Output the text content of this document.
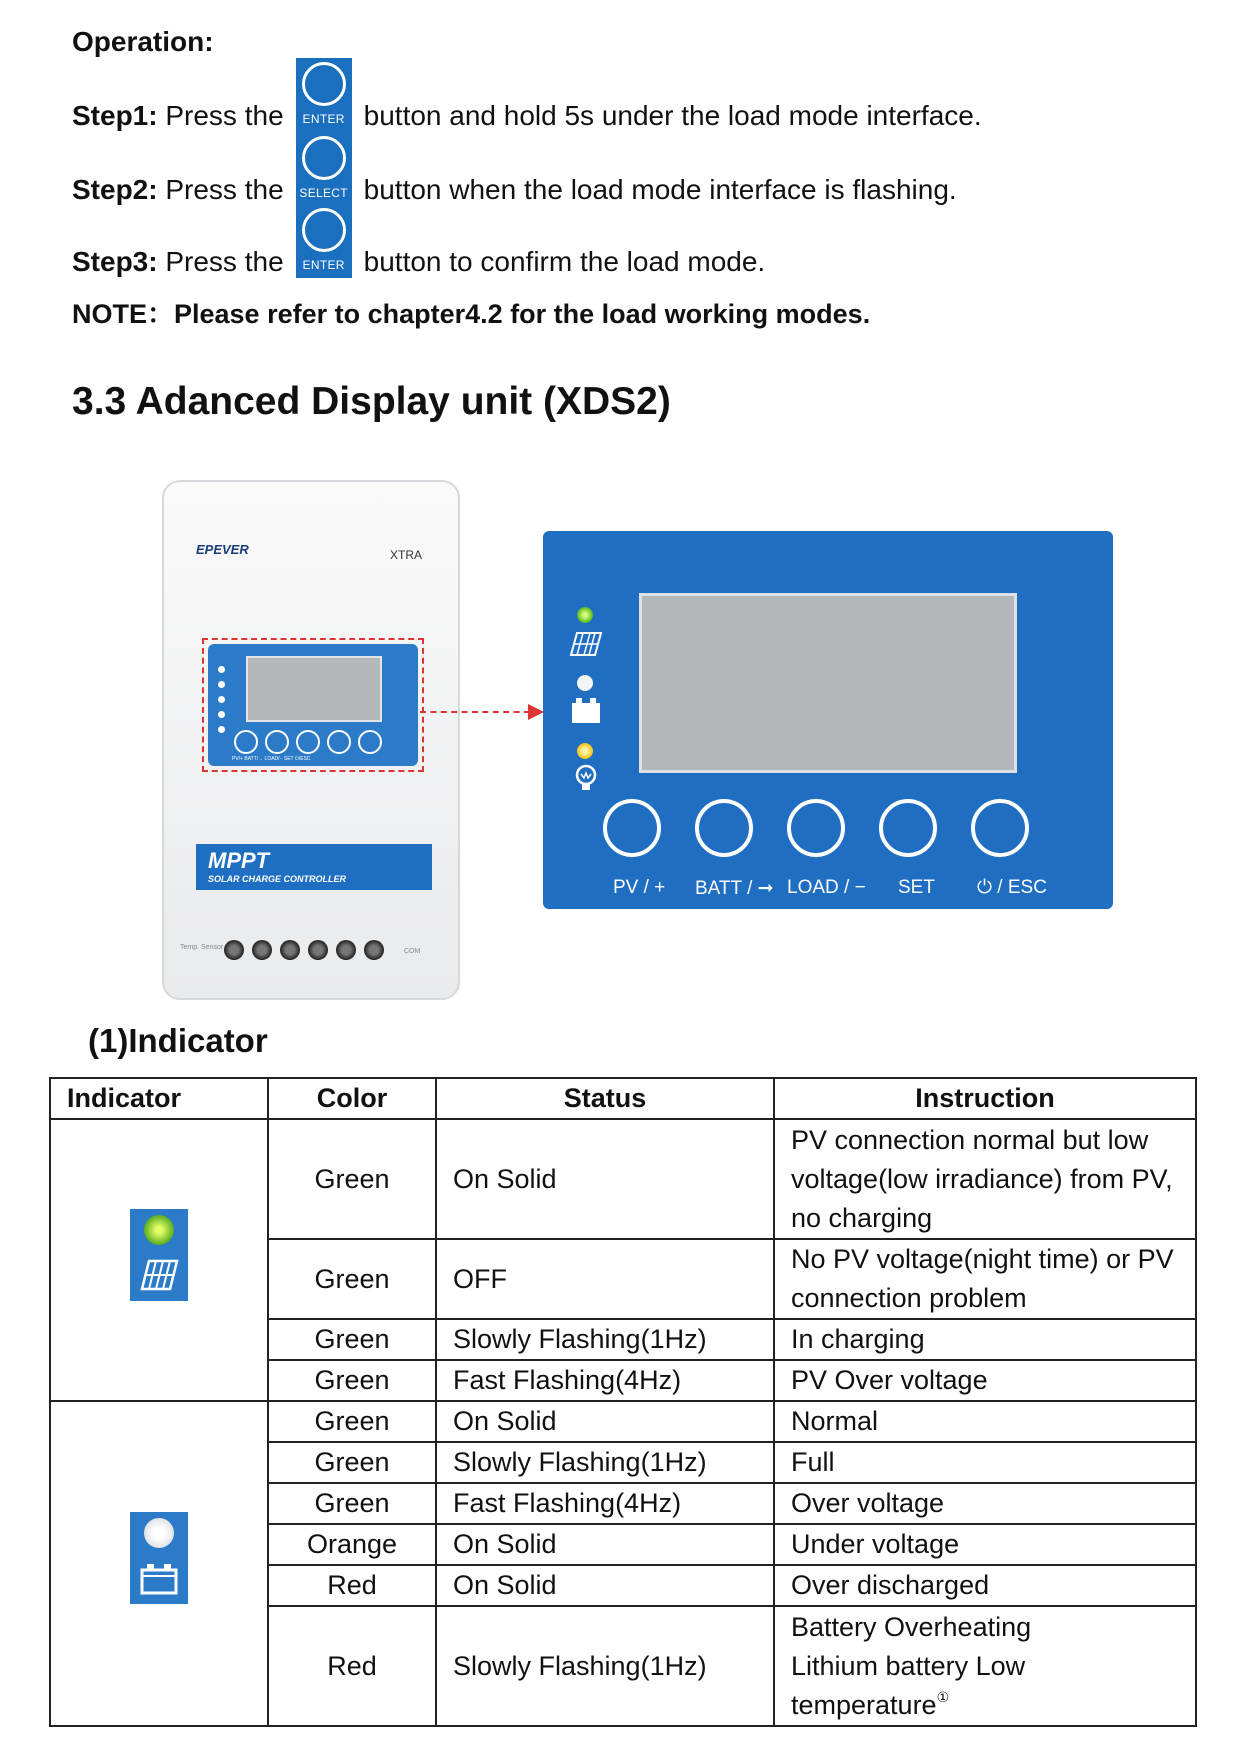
Operation:
Step1:
Press the	ENTER button and hold 5s under the load mode interface.
Step2:
Press the	SELECT button when the load mode interface is flashing.
Step3:
Press the	ENTER button to confirm the load mode.
NOTE：Please refer to chapter4.2 for the load working modes.
3.3 Adanced Display unit (XDS2)
EPEVER	XTRA
PV/+ BATT/→ LOAD/− SET ⏻/ESC
MPPT
SOLAR CHARGE CONTROLLER
Temp. Sensor
COM
PV / + BATT / ➞ LOAD / − SET ⏻ / ESC
(1)Indicator
Indicator	Color	Status	Instruction

	Green	On Solid	PV connection normal but low voltage(low irradiance) from PV, no charging
	Green	OFF	No PV voltage(night time) or PV connection problem
	Green	Slowly Flashing(1Hz)	In charging
	Green	Fast Flashing(4Hz)	PV Over voltage

	Green	On Solid	Normal
	Green	Slowly Flashing(1Hz)	Full
	Green	Fast Flashing(4Hz)	Over voltage
	Orange	On Solid	Under voltage
	Red	On Solid	Over discharged
	Red	Slowly Flashing(1Hz)	Battery Overheating
Lithium battery Low
temperature①
